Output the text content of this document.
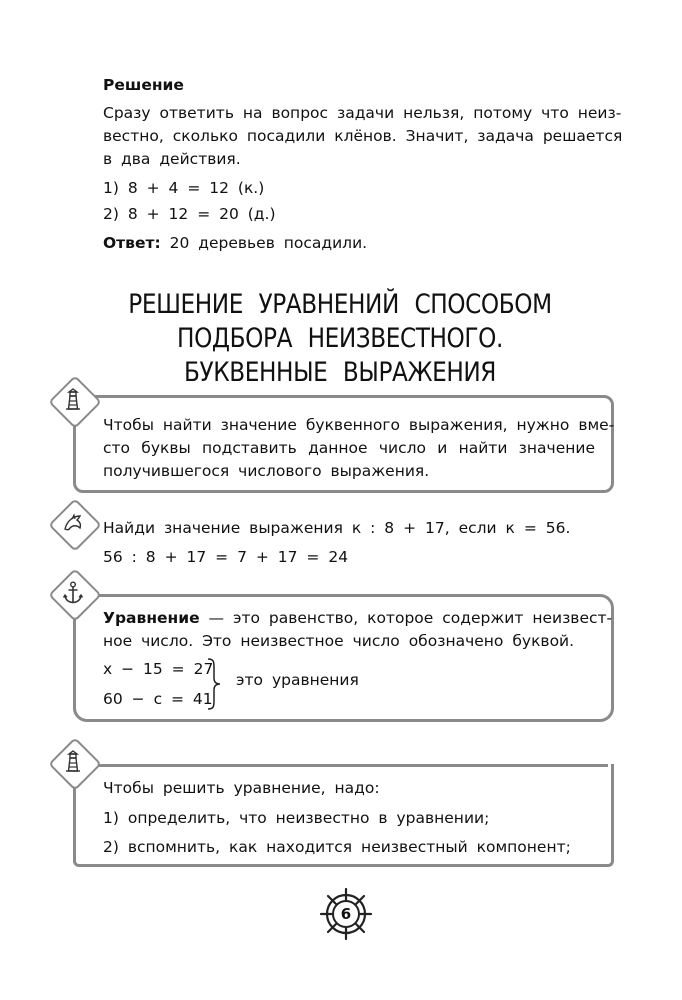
Решение
Сразу ответить на вопрос задачи нельзя, потому что неиз-
вестно, сколько посадили клёнов. Значит, задача решается
в два действия.
1) 8 + 4 = 12 (к.)
2) 8 + 12 = 20 (д.)
Ответ: 20 деревьев посадили.
РЕШЕНИЕ УРАВНЕНИЙ СПОСОБОМ
ПОДБОРА НЕИЗВЕСТНОГО.
БУКВЕННЫЕ ВЫРАЖЕНИЯ
Чтобы найти значение буквенного выражения, нужно вме-
сто буквы подставить данное число и найти значение
получившегося числового выражения.
Найди значение выражения к : 8 + 17, если к = 56.
56 : 8 + 17 = 7 + 17 = 24
Уравнение — это равенство, которое содержит неизвест-
ное число. Это неизвестное число обозначено буквой.
x − 15 = 27
60 − c = 41
это уравнения
Чтобы решить уравнение, надо:
1) определить, что неизвестно в уравнении;
2) вспомнить, как находится неизвестный компонент;
6
